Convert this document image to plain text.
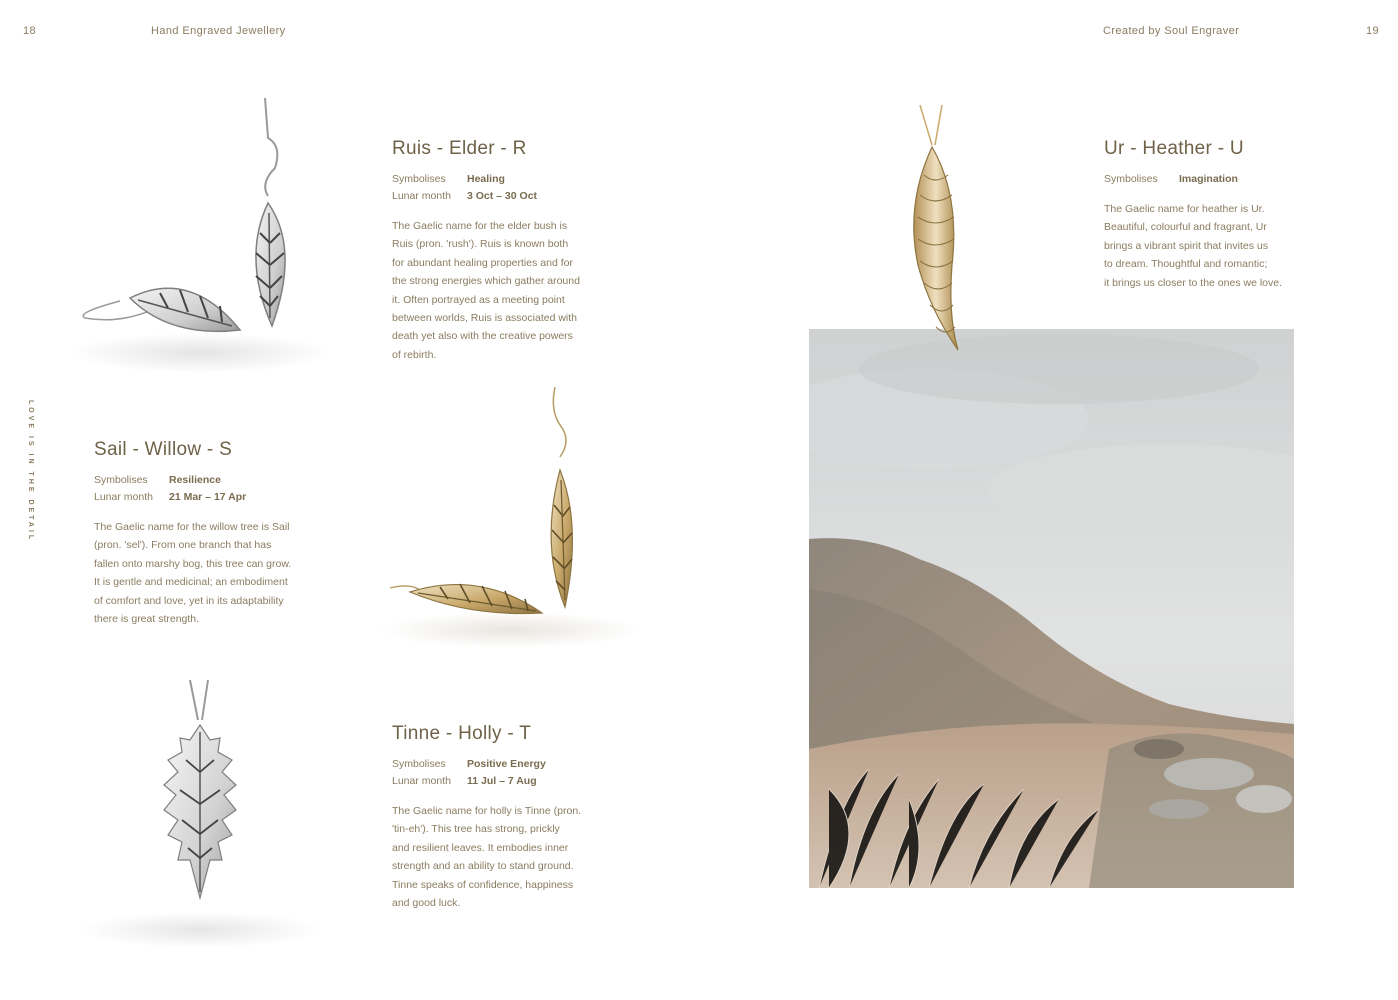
18	Hand Engraved Jewellery	Created by Soul Engraver	19
LOVE IS IN THE DETAIL
Ruis - Elder - R
Symbolises Healing
Lunar month 3 Oct – 30 Oct
The Gaelic name for the elder bush is
Ruis (pron. 'rush'). Ruis is known both
for abundant healing properties and for
the strong energies which gather around
it. Often portrayed as a meeting point
between worlds, Ruis is associated with
death yet also with the creative powers
of rebirth.
Sail - Willow - S
Symbolises Resilience
Lunar month 21 Mar – 17 Apr
The Gaelic name for the willow tree is Sail
(pron. 'sel'). From one branch that has
fallen onto marshy bog, this tree can grow.
It is gentle and medicinal; an embodiment
of comfort and love, yet in its adaptability
there is great strength.
Tinne - Holly - T
Symbolises Positive Energy
Lunar month 11 Jul – 7 Aug
The Gaelic name for holly is Tinne (pron.
'tin-eh'). This tree has strong, prickly
and resilient leaves. It embodies inner
strength and an ability to stand ground.
Tinne speaks of confidence, happiness
and good luck.
Ur - Heather - U
Symbolises Imagination
The Gaelic name for heather is Ur.
Beautiful, colourful and fragrant, Ur
brings a vibrant spirit that invites us
to dream. Thoughtful and romantic;
it brings us closer to the ones we love.
